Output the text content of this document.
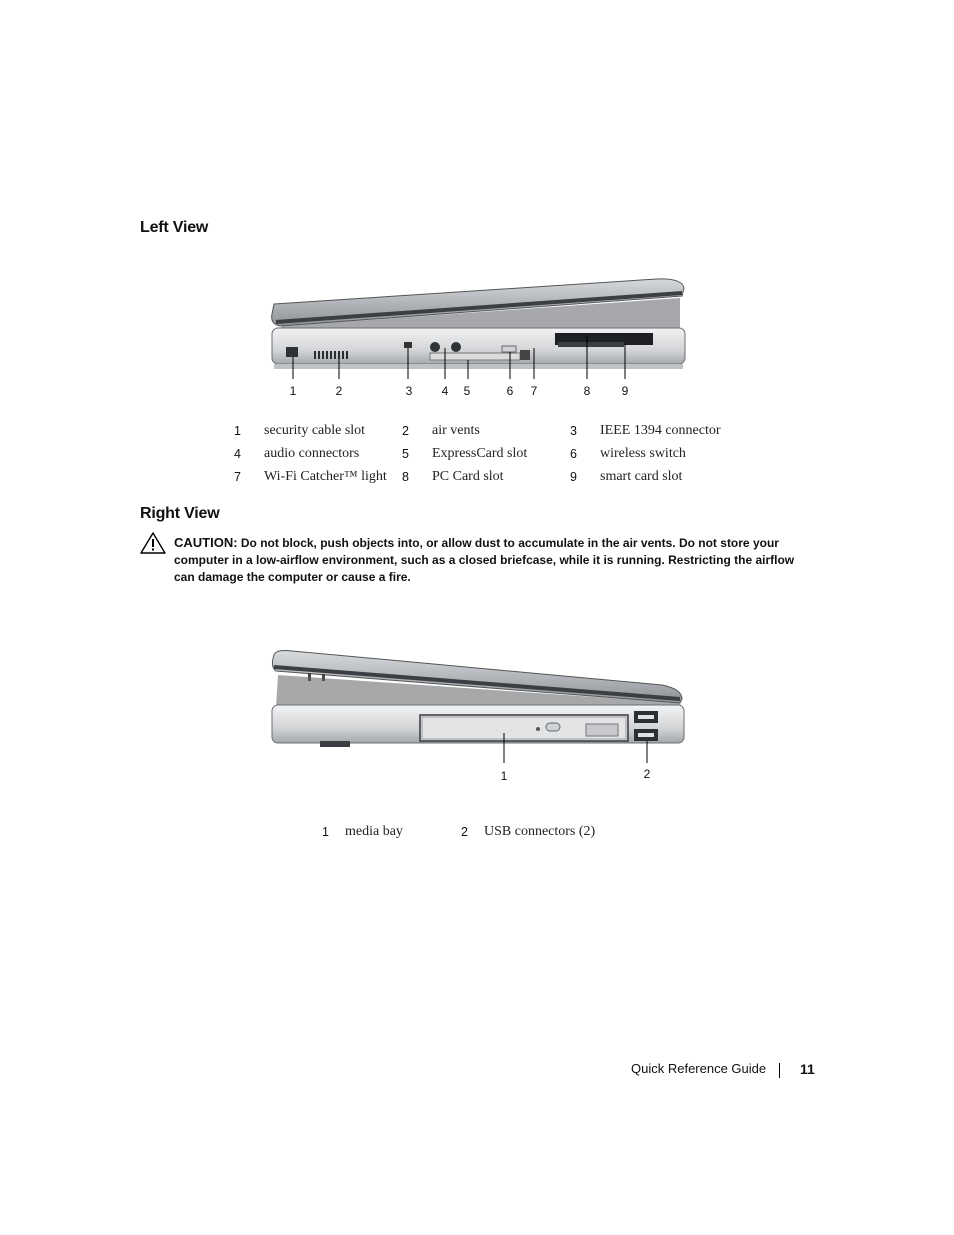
Left View
1	2	3 4 5	6 7	8	9
1 security cable slot	2 air vents	3 IEEE 1394 connector
4 audio connectors	5 ExpressCard slot	6 wireless switch
7 Wi-Fi Catcher™ light 8 PC Card slot	9 smart card slot
Right View
CAUTION: Do not block, push objects into, or allow dust to accumulate in the air vents. Do not store your computer in a low-airflow environment, such as a closed briefcase, while it is running. Restricting the airflow can damage the computer or cause a fire.
1	2
1 media bay	2 USB connectors (2)
Quick Reference Guide 11
